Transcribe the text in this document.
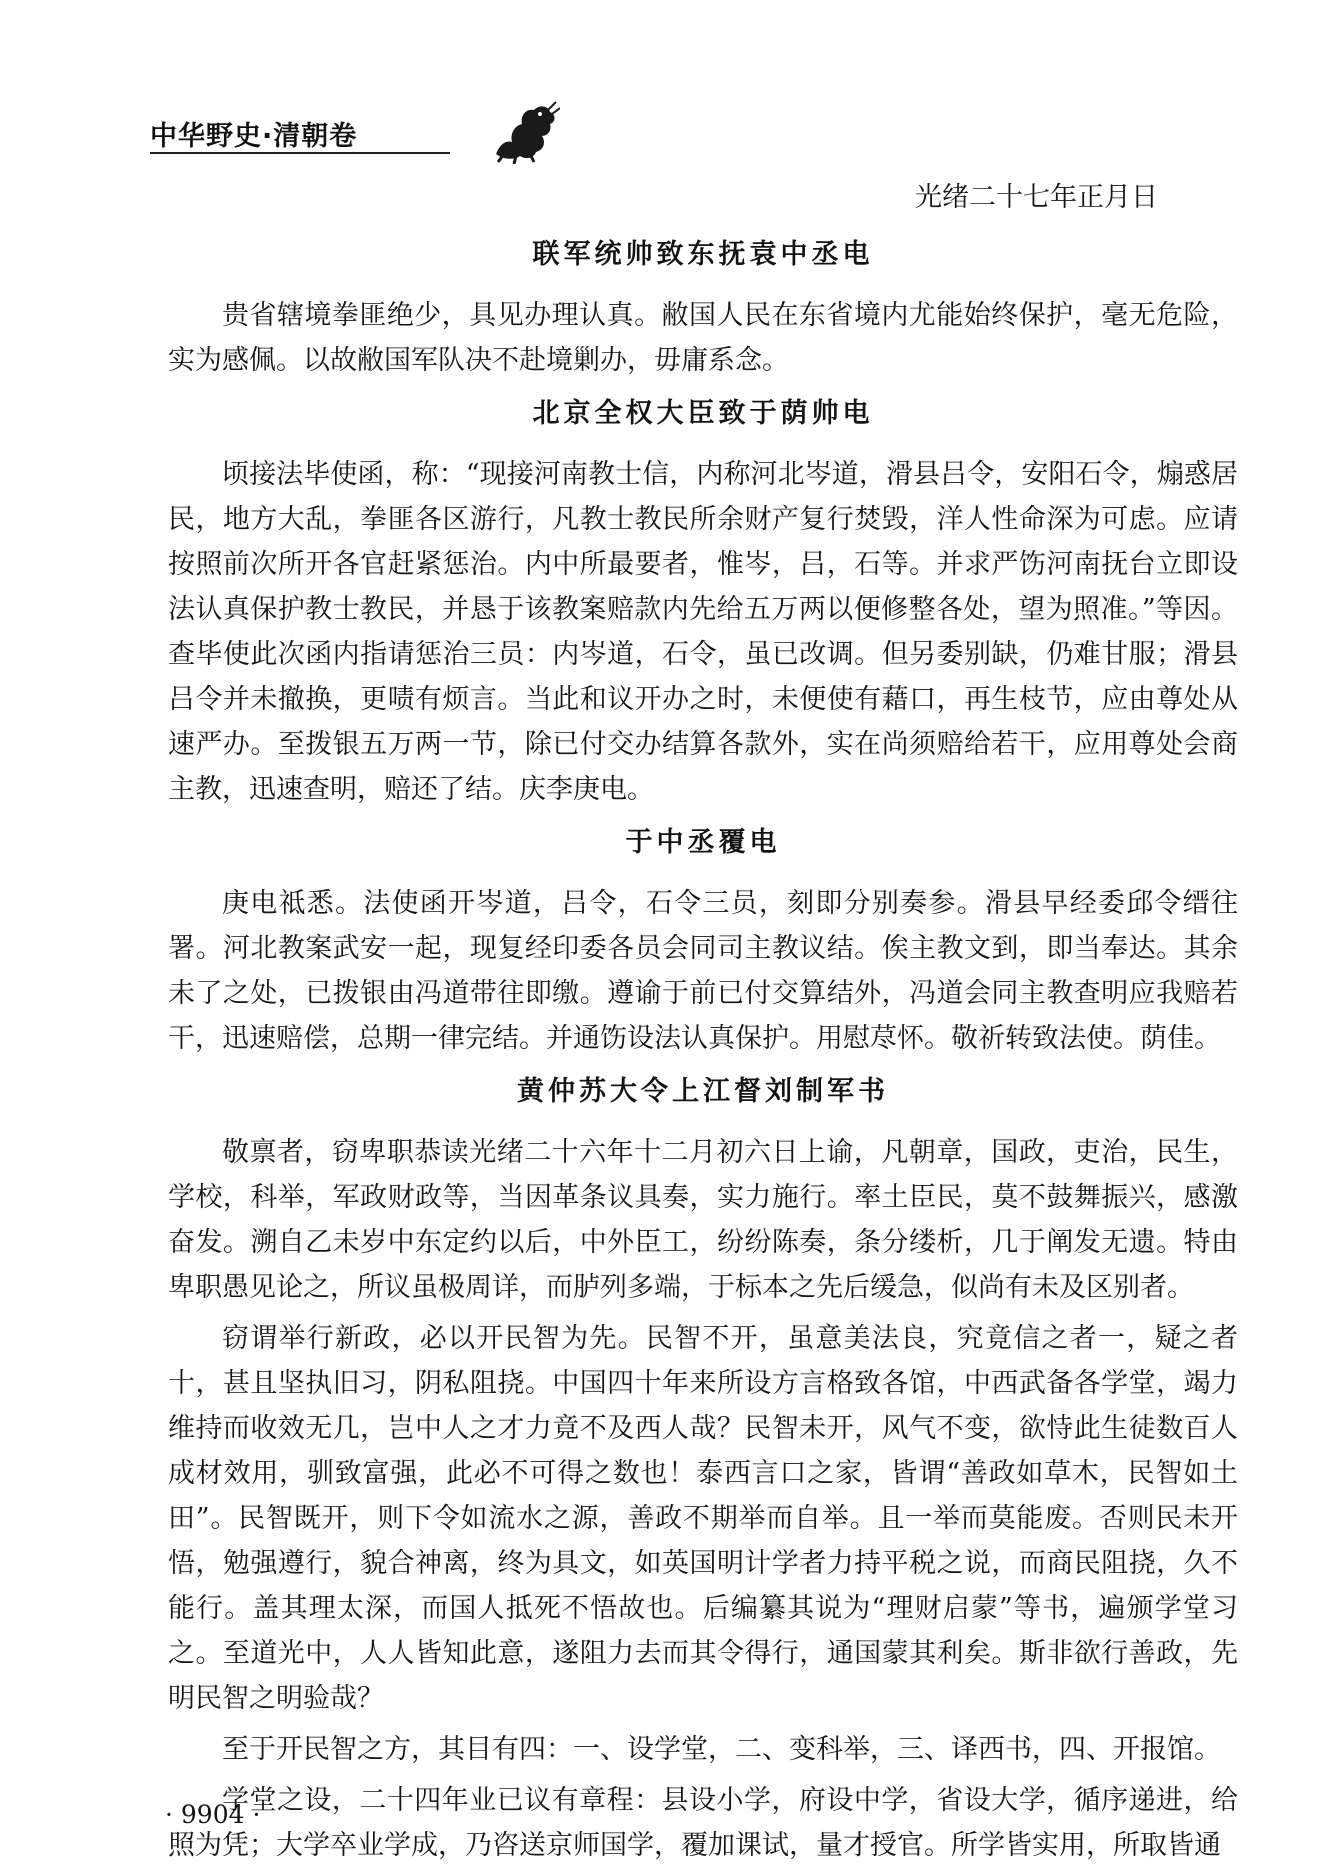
中华野史·清朝卷
光绪二十七年正月日
联军统帅致东抚袁中丞电

贵省辖境拳匪绝少，具见办理认真。敝国人民在东省境内尤能始终保护，毫无危险，实为感佩。以故敝国军队决不赴境剿办，毋庸系念。

北京全权大臣致于荫帅电

顷接法毕使函，称：“现接河南教士信，内称河北岑道，滑县吕令，安阳石令，煽惑居民，地方大乱，拳匪各区游行，凡教士教民所余财产复行焚毁，洋人性命深为可虑。应请按照前次所开各官赶紧惩治。内中所最要者，惟岑，吕，石等。并求严饬河南抚台立即设法认真保护教士教民，并恳于该教案赔款内先给五万两以便修整各处，望为照准。”等因。查毕使此次函内指请惩治三员：内岑道，石令，虽已改调。但另委别缺，仍难甘服；滑县吕令并未撤换，更啧有烦言。当此和议开办之时，未便使有藉口，再生枝节，应由尊处从速严办。至拨银五万两一节，除已付交办结算各款外，实在尚须赔给若干，应用尊处会商主教，迅速查明，赔还了结。庆李庚电。

于中丞覆电

庚电祗悉。法使函开岑道，吕令，石令三员，刻即分别奏参。滑县早经委邱令缙往署。河北教案武安一起，现复经印委各员会同司主教议结。俟主教文到，即当奉达。其余未了之处，已拨银由冯道带往即缴。遵谕于前已付交算结外，冯道会同主教查明应我赔若干，迅速赔偿，总期一律完结。并通饬设法认真保护。用慰荩怀。敬祈转致法使。荫佳。

黄仲苏大令上江督刘制军书

敬禀者，窃卑职恭读光绪二十六年十二月初六日上谕，凡朝章，国政，吏治，民生，学校，科举，军政财政等，当因革条议具奏，实力施行。率土臣民，莫不鼓舞振兴，感激奋发。溯自乙未岁中东定约以后，中外臣工，纷纷陈奏，条分缕析，几于阐发无遗。特由卑职愚见论之，所议虽极周详，而胪列多端，于标本之先后缓急，似尚有未及区别者。

窃谓举行新政，必以开民智为先。民智不开，虽意美法良，究竟信之者一，疑之者十，甚且坚执旧习，阴私阻挠。中国四十年来所设方言格致各馆，中西武备各学堂，竭力维持而收效无几，岂中人之才力竟不及西人哉？民智未开，风气不变，欲恃此生徒数百人成材效用，驯致富强，此必不可得之数也！泰西言口之家，皆谓“善政如草木，民智如土田”。民智既开，则下令如流水之源，善政不期举而自举。且一举而莫能废。否则民未开悟，勉强遵行，貌合神离，终为具文，如英国明计学者力持平税之说，而商民阻挠，久不能行。盖其理太深，而国人抵死不悟故也。后编纂其说为“理财启蒙”等书，遍颁学堂习之。至道光中，人人皆知此意，遂阻力去而其令得行，通国蒙其利矣。斯非欲行善政，先明民智之明验哉？

至于开民智之方，其目有四：一、设学堂，二、变科举，三、译西书，四、开报馆。

学堂之设，二十四年业已议有章程：县设小学，府设中学，省设大学，循序递进，给照为凭；大学卒业学成，乃咨送京师国学，覆加课试，量才授官。所学皆实用，所取皆通

· 9904 ·
